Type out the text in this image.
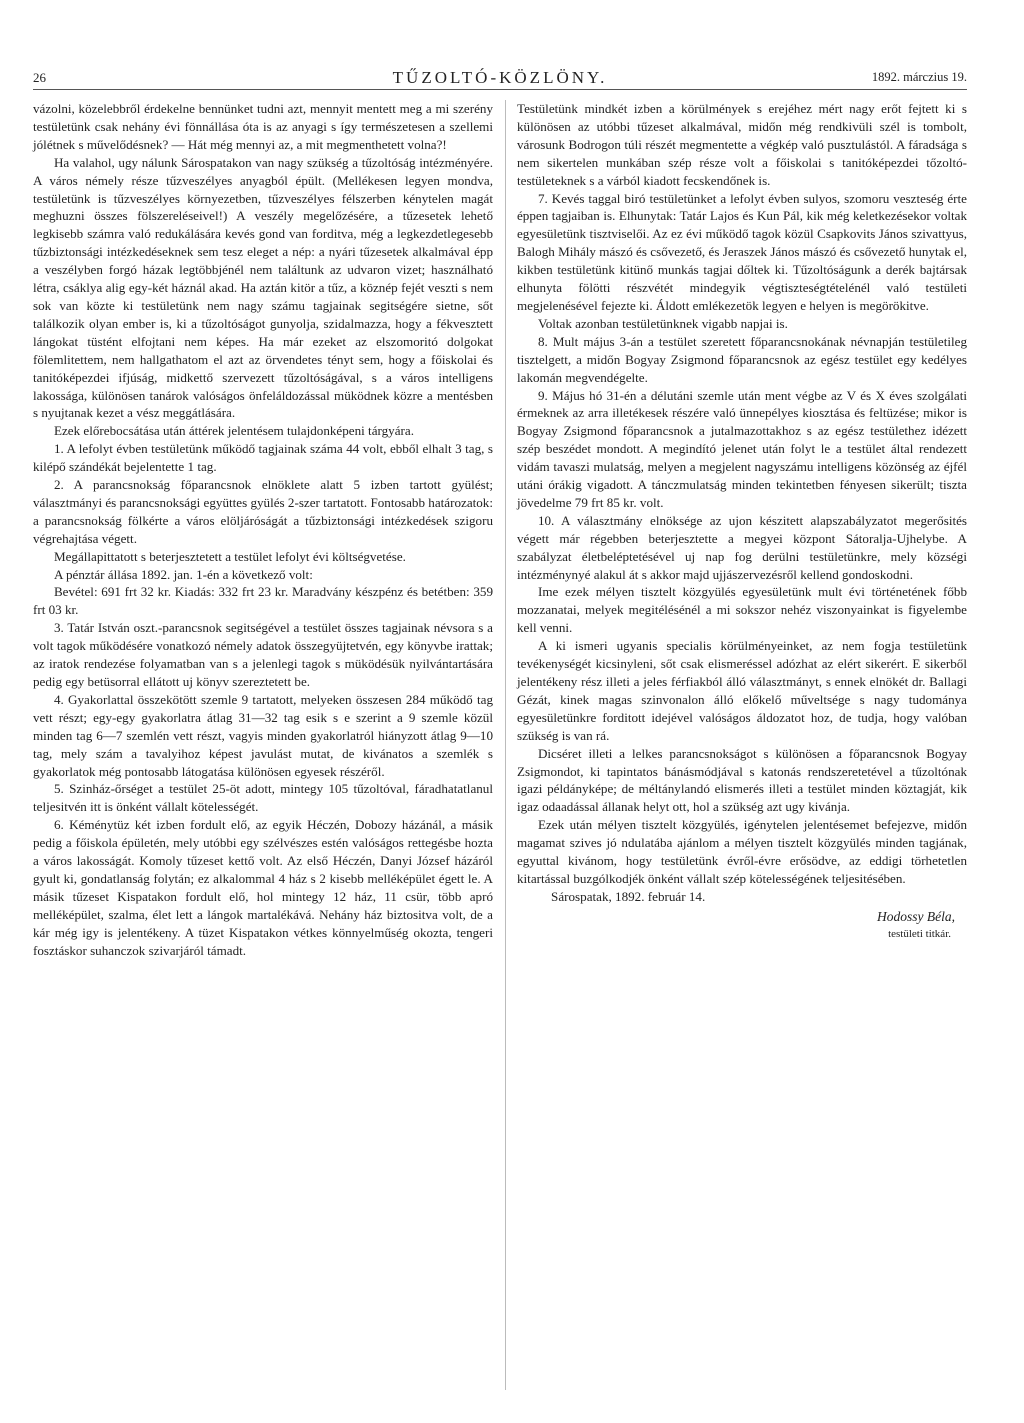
26	TŰZOLTÓ-KÖZLÖNY.	1892. márczius 19.

vázolni, közelebbről érdekelne bennünket tudni azt, mennyit mentett meg a mi szerény testületünk csak nehány évi fönnállása óta is az anyagi s így természetesen a szellemi jólétnek s művelődésnek? — Hát még mennyi az, a mit megmenthetett volna?!

Ha valahol, ugy nálunk Sárospatakon van nagy szükség a tűzoltóság intézményére. A város némely része tűzveszélyes anyagból épült. (Mellékesen legyen mondva, testületünk is tűzveszélyes környezetben, tűzveszélyes félszerben kénytelen magát meghuzni összes fölszereléseivel!) A veszély megelőzésére, a tűzesetek lehető legkisebb számra való redukálására kevés gond van forditva, még a legkezdetlegesebb tűzbiztonsági intézkedéseknek sem tesz eleget a nép: a nyári tűzesetek alkalmával épp a veszélyben forgó házak legtöbbjénél nem találtunk az udvaron vizet; használható létra, csáklya alig egy-két háznál akad. Ha aztán kitör a tűz, a köznép fejét veszti s nem sok van közte ki testületünk nem nagy számu tagjainak segitségére sietne, sőt találkozik olyan ember is, ki a tűzoltóságot gunyolja, szidalmazza, hogy a fékvesztett lángokat tüstént elfojtani nem képes. Ha már ezeket az elszomoritó dolgokat fölemlitettem, nem hallgathatom el azt az örvendetes tényt sem, hogy a főiskolai és tanitóképezdei ifjúság, midkettő szervezett tűzoltóságával, s a város intelligens lakossága, különösen tanárok valóságos önfeláldozással müködnek közre a mentésben s nyujtanak kezet a vész meggátlására.

Ezek előrebocsátása után áttérek jelentésem tulajdonképeni tárgyára.

1. A lefolyt évben testületünk működő tagjainak száma 44 volt, ebből elhalt 3 tag, s kilépő szándékát bejelentette 1 tag.

2. A parancsnokság főparancsnok elnöklete alatt 5 izben tartott gyülést; választmányi és parancsnoksági együttes gyülés 2-szer tartatott. Fontosabb határozatok: a parancsnokság fölkérte a város elöljáróságát a tűzbiztonsági intézkedések szigoru végrehajtása végett.

Megállapittatott s beterjesztetett a testület lefolyt évi költségvetése.

A pénztár állása 1892. jan. 1-én a következő volt:

Bevétel: 691 frt 32 kr. Kiadás: 332 frt 23 kr. Maradvány készpénz és betétben: 359 frt 03 kr.

3. Tatár István oszt.-parancsnok segitségével a testület összes tagjainak névsora s a volt tagok működésére vonatkozó némely adatok összegyüjtetvén, egy könyvbe irattak; az iratok rendezése folyamatban van s a jelenlegi tagok s müködésük nyilvántartására pedig egy betüsorral ellátott uj könyv szereztetett be.

4. Gyakorlattal összekötött szemle 9 tartatott, melyeken összesen 284 működő tag vett részt; egy-egy gyakorlatra átlag 31—32 tag esik s e szerint a 9 szemle közül minden tag 6—7 szemlén vett részt, vagyis minden gyakorlatról hiányzott átlag 9—10 tag, mely szám a tavalyihoz képest javulást mutat, de kivánatos a szemlék s gyakorlatok még pontosabb látogatása különösen egyesek részéről.

5. Szinház-őrséget a testület 25-öt adott, mintegy 105 tűzoltóval, fáradhatatlanul teljesitvén itt is önként vállalt kötelességét.

6. Kéménytüz két izben fordult elő, az egyik Héczén, Dobozy házánál, a másik pedig a főiskola épületén, mely utóbbi egy szélvészes estén valóságos rettegésbe hozta a város lakosságát. Komoly tűzeset kettő volt. Az első Héczén, Danyi József házáról gyult ki, gondatlanság folytán; ez alkalommal 4 ház s 2 kisebb melléképület égett le. A másik tűzeset Kispatakon fordult elő, hol mintegy 12 ház, 11 csür, több apró melléképület, szalma, élet lett a lángok martalékává. Nehány ház biztositva volt, de a kár még igy is jelentékeny. A tüzet Kispatakon vétkes könnyelműség okozta, tengeri fosztáskor suhanczok szivarjáról támadt.

Testületünk mindkét izben a körülmények s erejéhez mért nagy erőt fejtett ki s különösen az utóbbi tűzeset alkalmával, midőn még rendkivüli szél is tombolt, városunk Bodrogon túli részét megmentette a végkép való pusztulástól. A fáradsága s nem sikertelen munkában szép része volt a főiskolai s tanitóképezdei tőzoltó-testületeknek s a várból kiadott fecskendőnek is.

7. Kevés taggal biró testületünket a lefolyt évben sulyos, szomoru veszteség érte éppen tagjaiban is. Elhunytak: Tatár Lajos és Kun Pál, kik még keletkezésekor voltak egyesületünk tisztviselői. Az ez évi működő tagok közül Csapkovits János szivattyus, Balogh Mihály mászó és csővezető, és Jeraszek János mászó és csővezető hunytak el, kikben testületünk kitünő munkás tagjai dőltek ki. Tűzoltóságunk a derék bajtársak elhunyta fölötti részvétét mindegyik végtiszteségtételénél való testületi megjelenésével fejezte ki. Áldott emlékezetök legyen e helyen is megörökitve.

Voltak azonban testületünknek vigabb napjai is.

8. Mult május 3-án a testület szeretett főparancsnokának névnapján testületileg tisztelgett, a midőn Bogyay Zsigmond főparancsnok az egész testület egy kedélyes lakomán megvendégelte.

9. Május hó 31-én a délutáni szemle után ment végbe az V és X éves szolgálati érmeknek az arra illetékesek részére való ünnepélyes kiosztása és feltüzése; mikor is Bogyay Zsigmond főparancsnok a jutalmazottakhoz s az egész testülethez idézett szép beszédet mondott. A megindító jelenet után folyt le a testület által rendezett vidám tavaszi mulatság, melyen a megjelent nagyszámu intelligens közönség az éjfél utáni órákig vigadott. A tánczmulatság minden tekintetben fényesen sikerült; tiszta jövedelme 79 frt 85 kr. volt.

10. A választmány elnöksége az ujon készitett alapszabályzatot megerősités végett már régebben beterjesztette a megyei központ Sátoralja-Ujhelybe. A szabályzat életbeléptetésével uj nap fog derülni testületünkre, mely községi intézménynyé alakul át s akkor majd ujjászervezésről kellend gondoskodni.

Ime ezek mélyen tisztelt közgyülés egyesületünk mult évi történetének főbb mozzanatai, melyek megitélésénél a mi sokszor nehéz viszonyainkat is figyelembe kell venni.

A ki ismeri ugyanis specialis körülményeinket, az nem fogja testületünk tevékenységét kicsinyleni, sőt csak elismeréssel adózhat az elért sikerért. E sikerből jelentékeny rész illeti a jeles férfiakból álló választmányt, s ennek elnökét dr. Ballagi Gézát, kinek magas szinvonalon álló előkelő műveltsége s nagy tudománya egyesületünkre forditott idejével valóságos áldozatot hoz, de tudja, hogy valóban szükség is van rá.

Dicséret illeti a lelkes parancsnokságot s különösen a főparancsnok Bogyay Zsigmondot, ki tapintatos bánásmódjával s katonás rendszeretetével a tűzoltónak igazi példányképe; de méltánylandó elismerés illeti a testület minden köztagját, kik igaz odaadással állanak helyt ott, hol a szükség azt ugy kivánja.

Ezek után mélyen tisztelt közgyülés, igénytelen jelentésemet befejezve, midőn magamat szives jó ndulatába ajánlom a mélyen tisztelt közgyülés minden tagjának, egyuttal kivánom, hogy testületünk évről-évre erősödve, az eddigi törhetetlen kitartással buzgólkodjék önként vállalt szép kötelességének teljesitésében.

Sárospatak, 1892. február 14.

Hodossy Béla,
testületi titkár.
